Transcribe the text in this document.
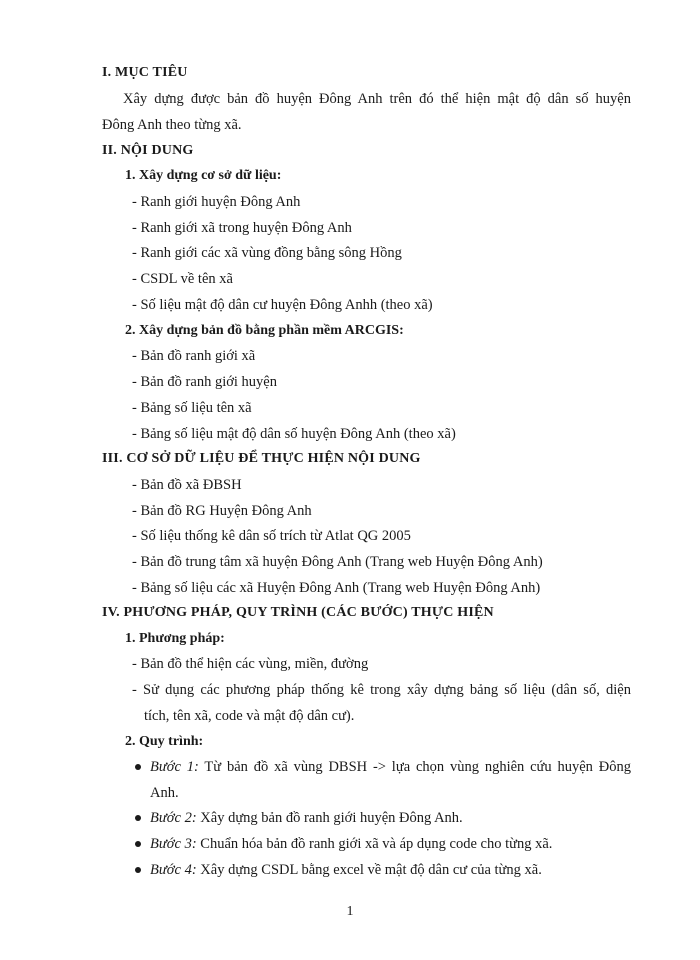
I. MỤC TIÊU
Xây dựng được bản đồ huyện Đông Anh trên đó thể hiện mật độ dân số huyện
Đông Anh theo từng xã.
II. NỘI DUNG
1. Xây dựng cơ sở dữ liệu:
- Ranh giới huyện Đông Anh
- Ranh giới xã trong huyện Đông Anh
- Ranh giới các xã vùng đồng bằng sông Hồng
- CSDL về tên xã
- Số liệu mật độ dân cư huyện Đông Anhh (theo xã)
2. Xây dựng bản đồ bằng phần mềm ARCGIS:
- Bản đồ ranh giới xã
- Bản đồ ranh giới huyện
- Bảng số liệu tên xã
- Bảng số liệu mật độ dân số huyện Đông Anh (theo xã)
III. CƠ SỞ DỮ LIỆU ĐỂ THỰC HIỆN NỘI DUNG
- Bản đồ xã ĐBSH
- Bản đồ RG Huyện Đông Anh
- Số liệu thống kê dân số trích từ Atlat QG 2005
- Bản đồ trung tâm xã huyện Đông Anh (Trang web Huyện Đông Anh)
- Bảng số liệu các xã Huyện Đông Anh (Trang web Huyện Đông Anh)
IV. PHƯƠNG PHÁP, QUY TRÌNH (CÁC BƯỚC) THỰC HIỆN
1. Phương pháp:
- Bản đồ thể hiện các vùng, miền, đường
- Sử dụng các phương pháp thống kê trong xây dựng bảng số liệu (dân số, diện
tích, tên xã, code và mật độ dân cư).
2. Quy trình:
Bước 1: Từ bản đồ xã vùng DBSH -> lựa chọn vùng nghiên cứu huyện Đông
Anh.
Bước 2: Xây dựng bản đồ ranh giới huyện Đông Anh.
Bước 3: Chuẩn hóa bản đồ ranh giới xã và áp dụng code cho từng xã.
Bước 4: Xây dựng CSDL bằng excel về mật độ dân cư của từng xã.
1
